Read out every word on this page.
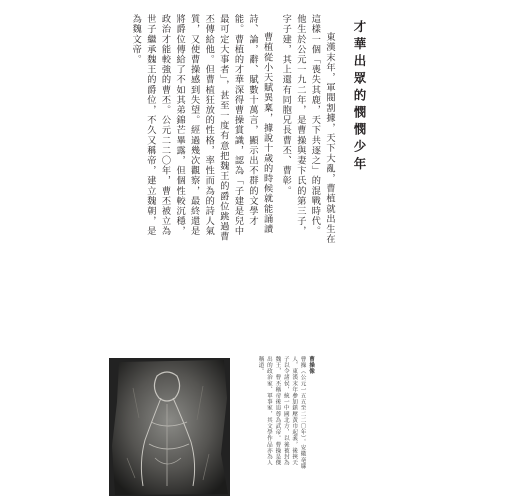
才華出眾的憫憫少年

東漢末年，軍閥割據，天下大亂，曹植就出生在這樣一個「喪失其鹿，天下共逐之」的混戰時代。他生於公元一九二年，是曹操與妻卞氏的第三子，字子建，其上還有同胞兄長曹丕、曹彰。

曹植從小天賦異稟，據說十歲的時候就能誦讀詩、論，辭、賦數十萬言，顯示出不群的文學才能。曹植的才華深得曹操賞識，認為「子建是兒中最可定大事者」，甚至一度有意把魏王的爵位跳過曹丕傳給他。但曹植狂放的性格，率性而為的詩人氣質，又使曹操感到失望。經過幾次觀察，最終還是將爵位傳給了不如其弟錦芒畢露，但個性較沉穩，政治才能較強的曹丕。公元二二〇年，曹丕被立為世子繼承魏王的爵位，不久又稱帝，建立魏朝，是為魏文帝。

曹操像
曹操（公元一五五至二二〇年）。安徽亳縣人，東漢末年參加鎮壓黃巾起義，後挾天子以令諸侯，統一中國北方，以後被封為魏王，曹丕稱帝後追尊為武帝。曹操是傑出的政治家、軍事家，其文學作品亦為人稱道。
